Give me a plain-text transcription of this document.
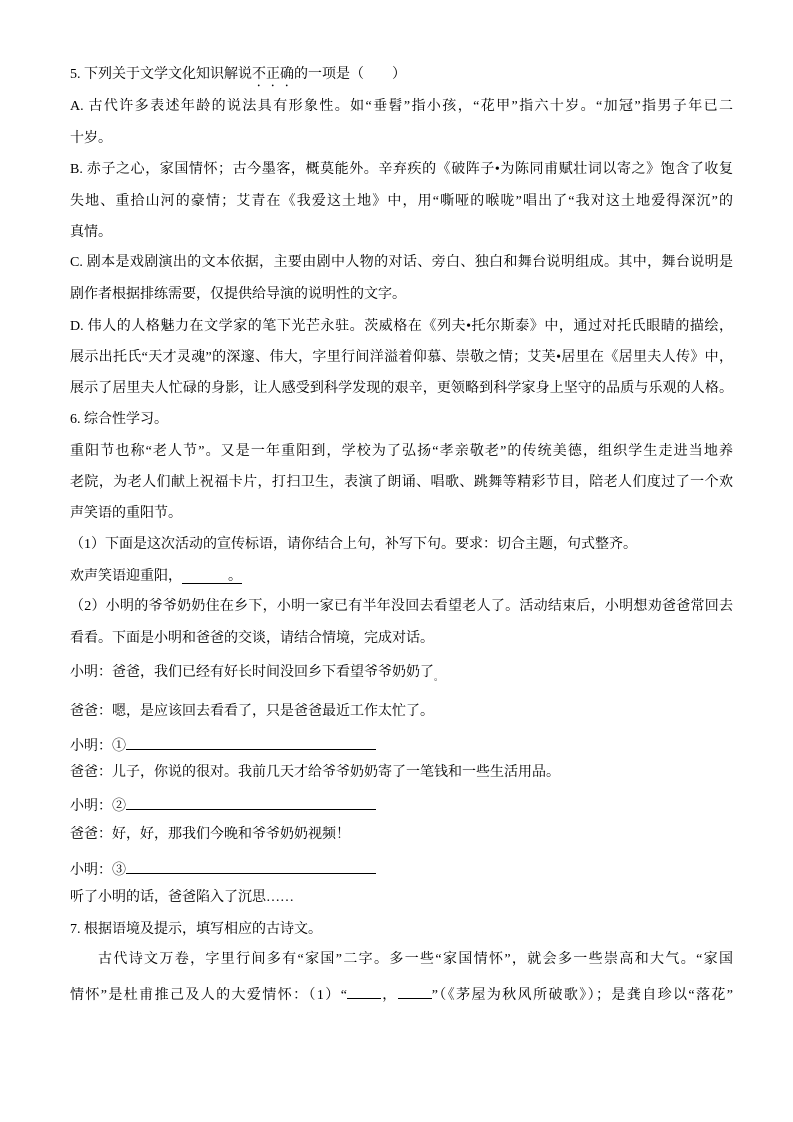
5. 下列关于文学文化知识解说不正确的一项是（　　）
A. 古代许多表述年龄的说法具有形象性。如“垂髫”指小孩，“花甲”指六十岁。“加冠”指男子年已二
十岁。
B. 赤子之心，家国情怀；古今墨客，概莫能外。辛弃疾的《破阵子•为陈同甫赋壮词以寄之》饱含了收复
失地、重拾山河的豪情；艾青在《我爱这土地》中，用“嘶哑的喉咙”唱出了“我对这土地爱得深沉”的
真情。
C. 剧本是戏剧演出的文本依据，主要由剧中人物的对话、旁白、独白和舞台说明组成。其中，舞台说明是
剧作者根据排练需要，仅提供给导演的说明性的文字。
D. 伟人的人格魅力在文学家的笔下光芒永驻。茨威格在《列夫•托尔斯泰》中，通过对托氏眼睛的描绘，
展示出托氏“天才灵魂”的深邃、伟大，字里行间洋溢着仰慕、崇敬之情；艾芙•居里在《居里夫人传》中，
展示了居里夫人忙碌的身影，让人感受到科学发现的艰辛，更领略到科学家身上坚守的品质与乐观的人格。
6. 综合性学习。
重阳节也称“老人节”。又是一年重阳到，学校为了弘扬“孝亲敬老”的传统美德，组织学生走进当地养
老院，为老人们献上祝福卡片，打扫卫生，表演了朗诵、唱歌、跳舞等精彩节目，陪老人们度过了一个欢
声笑语的重阳节。
（1）下面是这次活动的宣传标语，请你结合上句，补写下句。要求：切合主题，句式整齐。
欢声笑语迎重阳，	。
（2）小明的爷爷奶奶住在乡下，小明一家已有半年没回去看望老人了。活动结束后，小明想劝爸爸常回去
看看。下面是小明和爸爸的交谈，请结合情境，完成对话。
小明：爸爸，我们已经有好长时间没回乡下看望爷爷奶奶了$_。$
爸爸：嗯，是应该回去看看了，只是爸爸最近工作太忙了。
小明：①
爸爸：儿子，你说的很对。我前几天才给爷爷奶奶寄了一笔钱和一些生活用品。
小明：②
爸爸：好，好，那我们今晚和爷爷奶奶视频！
小明：③
听了小明的话，爸爸陷入了沉思……
7. 根据语境及提示，填写相应的古诗文。
古代诗文万卷，字里行间多有“家国”二字。多一些“家国情怀”，就会多一些崇高和大气。“家国
情怀”是杜甫推己及人的大爱情怀：（1）“ ， ”（《茅屋为秋风所破歌》）；是龚自珍以“落花”
